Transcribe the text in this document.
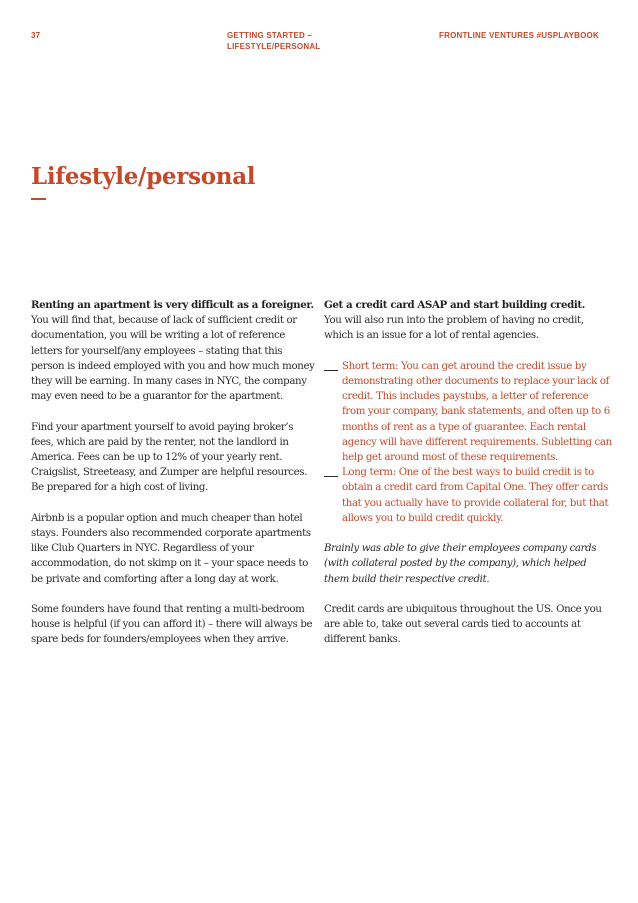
37	GETTING STARTED – LIFESTYLE/PERSONAL
FRONTLINE VENTURES #USPLAYBOOK
Lifestyle/personal

Renting an apartment is very difficult as a foreigner.

You will find that, because of lack of sufficient credit or documentation, you will be writing a lot of reference letters for yourself/any employees – stating that this person is indeed employed with you and how much money they will be earning. In many cases in NYC, the company may even need to be a guarantor for the apartment.

Find your apartment yourself to avoid paying broker’s fees, which are paid by the renter, not the landlord in America. Fees can be up to 12% of your yearly rent. Craigslist, Streeteasy, and Zumper are helpful resources. Be prepared for a high cost of living.

Airbnb is a popular option and much cheaper than hotel stays. Founders also recommended corporate apartments like Club Quarters in NYC. Regardless of your accommodation, do not skimp on it – your space needs to be private and comforting after a long day at work.

Some founders have found that renting a multi-bedroom house is helpful (if you can afford it) – there will always be spare beds for founders/employees when they arrive.

Get a credit card ASAP and start building credit.

You will also run into the problem of having no credit, which is an issue for a lot of rental agencies.

Short term: You can get around the credit issue by demonstrating other documents to replace your lack of credit. This includes paystubs, a letter of reference from your company, bank statements, and often up to 6 months of rent as a type of guarantee. Each rental agency will have different requirements. Subletting can help get around most of these requirements.
Long term: One of the best ways to build credit is to obtain a credit card from Capital One. They offer cards that you actually have to provide collateral for, but that allows you to build credit quickly.

Brainly was able to give their employees company cards (with collateral posted by the company), which helped them build their respective credit.

Credit cards are ubiquitous throughout the US. Once you are able to, take out several cards tied to accounts at different banks.
